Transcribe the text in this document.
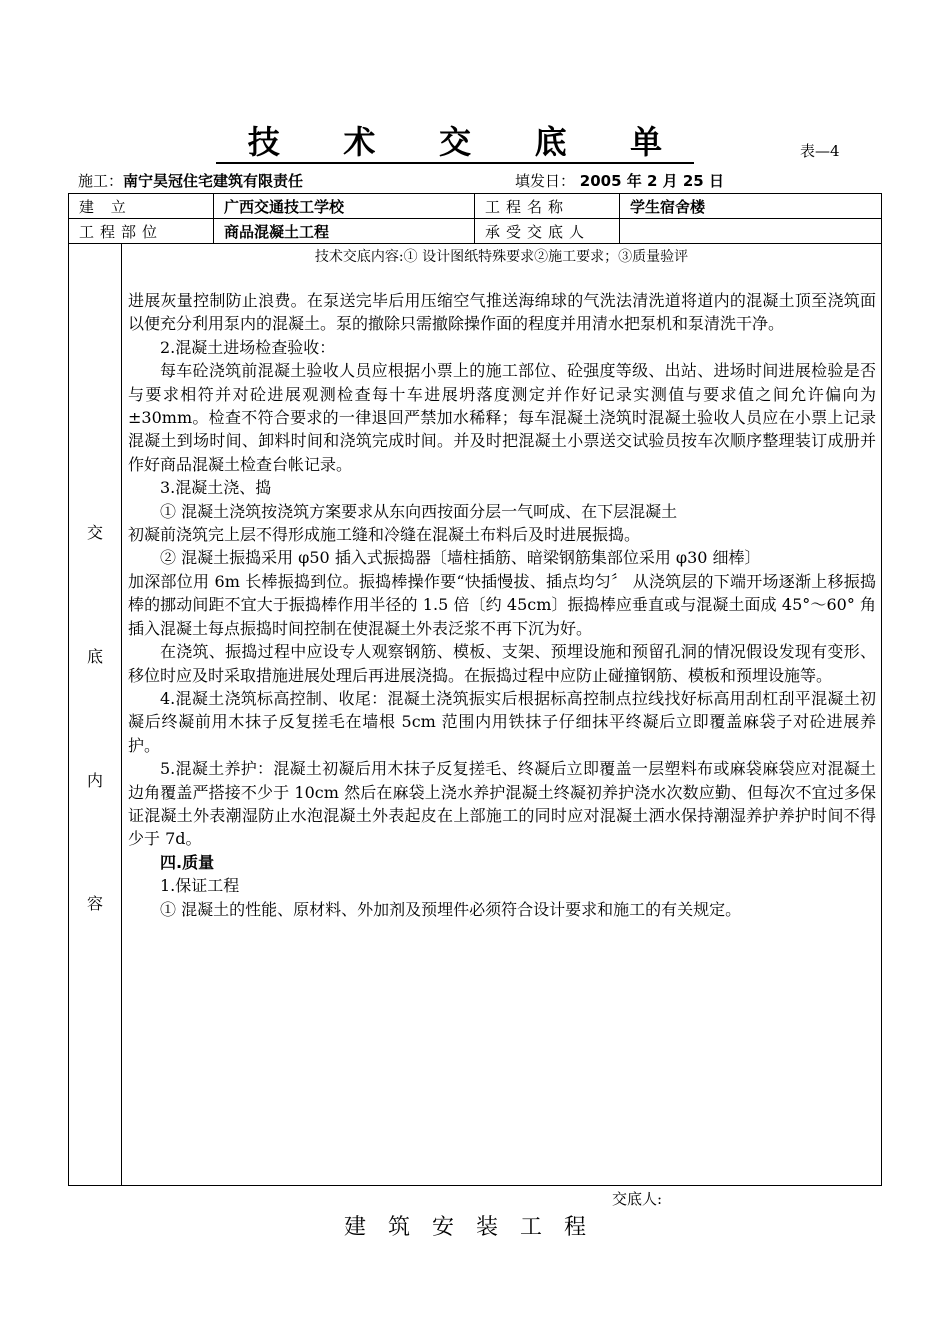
技 术 交 底 单	表—4
施工：南宁昊冠住宅建筑有限责任	填发日： 2005 年 2 月 25 日
建 立	广西交通技工学校	工程名称	学生宿舍楼
工程部位	商品混凝土工程	承受交底人	
交
底
内
容
技术交底内容:① 设计图纸特殊要求②施工要求；③质量验评

进展灰量控制防止浪费。在泵送完毕后用压缩空气推送海绵球的气洗法清洗道将道内的混凝土顶至浇筑面以便充分利用泵内的混凝土。泵的撤除只需撤除操作面的程度并用清水把泵机和泵清洗干净。

2.混凝土进场检查验收：

每车砼浇筑前混凝土验收人员应根据小票上的施工部位、砼强度等级、出站、进场时间进展检验是否与要求相符并对砼进展观测检查每十车进展坍落度测定并作好记录实测值与要求值之间允许偏向为±30mm。检查不符合要求的一律退回严禁加水稀释；每车混凝土浇筑时混凝土验收人员应在小票上记录混凝土到场时间、卸料时间和浇筑完成时间。并及时把混凝土小票送交试验员按车次顺序整理装订成册并作好商品混凝土检查台帐记录。

3.混凝土浇、捣

① 混凝土浇筑按浇筑方案要求从东向西按面分层一气呵成、在下层混凝土

初凝前浇筑完上层不得形成施工缝和冷缝在混凝土布料后及时进展振捣。

② 混凝土振捣采用 φ50 插入式振捣器〔墙柱插筋、暗梁钢筋集部位采用 φ30 细棒〕

加深部位用 6m 长棒振捣到位。振捣棒操作要“快插慢拔、插点均匀〞 从浇筑层的下端开场逐渐上移振捣棒的挪动间距不宜大于振捣棒作用半径的 1.5 倍〔约 45cm〕振捣棒应垂直或与混凝土面成 45°～60° 角插入混凝土每点振捣时间控制在使混凝土外表泛浆不再下沉为好。

在浇筑、振捣过程中应设专人观察钢筋、模板、支架、预埋设施和预留孔洞的情况假设发现有变形、移位时应及时采取措施进展处理后再进展浇捣。在振捣过程中应防止碰撞钢筋、模板和预埋设施等。

4.混凝土浇筑标高控制、收尾：混凝土浇筑振实后根据标高控制点拉线找好标高用刮杠刮平混凝土初凝后终凝前用木抹子反复搓毛在墙根 5cm 范围内用铁抹子仔细抹平终凝后立即覆盖麻袋子对砼进展养护。

5.混凝土养护：混凝土初凝后用木抹子反复搓毛、终凝后立即覆盖一层塑料布或麻袋麻袋应对混凝土边角覆盖严搭接不少于 10cm 然后在麻袋上浇水养护混凝土终凝初养护浇水次数应勤、但每次不宜过多保证混凝土外表潮湿防止水泡混凝土外表起皮在上部施工的同时应对混凝土洒水保持潮湿养护养护时间不得少于 7d。

四.质量

1.保证工程

① 混凝土的性能、原材料、外加剂及预埋件必须符合设计要求和施工的有关规定。

交底人:
建筑安装工程
